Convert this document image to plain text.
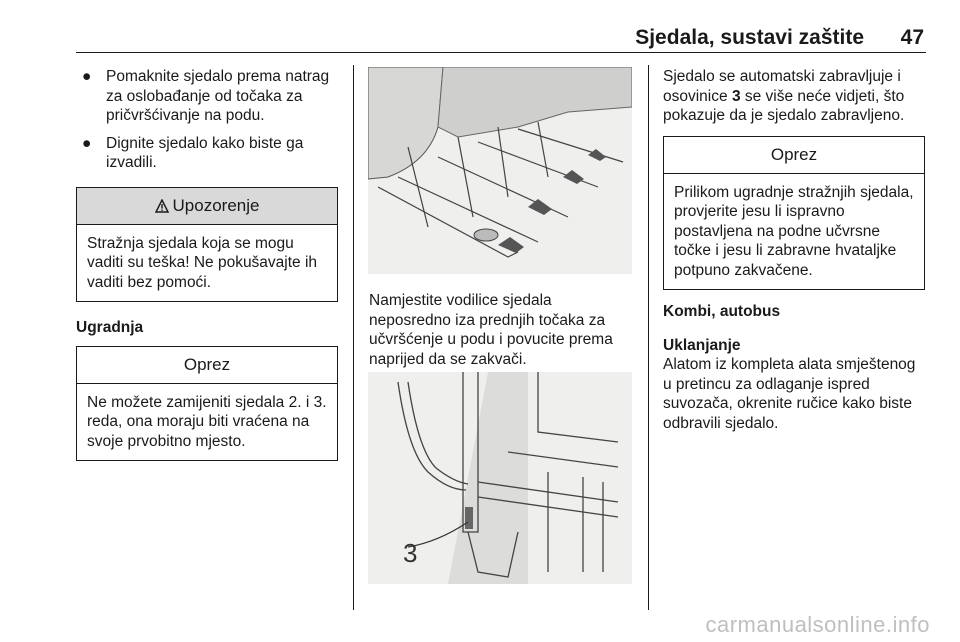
Sjedala, sustavi zaštite 47
● Pomaknite sjedalo prema natrag za oslobađanje od točaka za pričvršćivanje na podu.
● Dignite sjedalo kako biste ga izvadili.
Upozorenje
Stražnja sjedala koja se mogu vaditi su teška! Ne pokušavajte ih vaditi bez pomoći.
Ugradnja
Oprez
Ne možete zamijeniti sjedala 2. i 3. reda, ona moraju biti vraćena na svoje prvobitno mjesto.

Namjestite vodilice sjedala neposredno iza prednjih točaka za učvršćenje u podu i povucite prema naprijed da se zakvači.

3

Sjedalo se automatski zabravljuje i osovinice 3 se više neće vidjeti, što pokazuje da je sjedalo zabravljeno.

Oprez
Prilikom ugradnje stražnjih sjedala, provjerite jesu li ispravno postavljena na podne učvrsne točke i jesu li zabravne hvataljke potpuno zakvačene.
Kombi, autobus
Uklanjanje

Alatom iz kompleta alata smještenog u pretincu za odlaganje ispred suvozača, okrenite ručice kako biste odbravili sjedalo.

carmanualsonline.info
